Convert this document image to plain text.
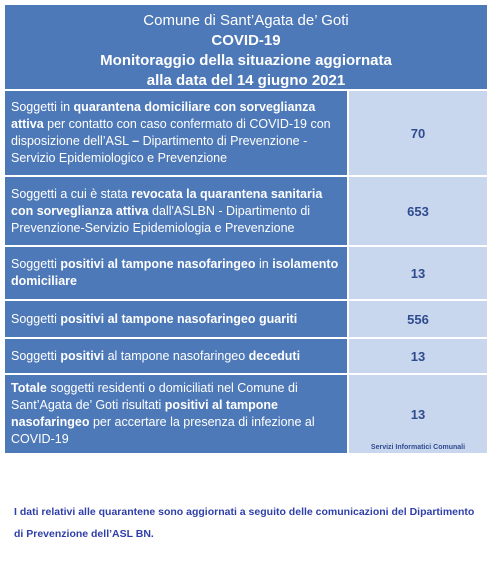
Comune di Sant’Agata de’ Goti
COVID-19
Monitoraggio della situazione aggiornata
alla data del 14 giugno 2021
Soggetti in quarantena domiciliare con sorveglianza attiva per contatto con caso confermato di COVID-19 con disposizione dell’ASL – Dipartimento di Prevenzione - Servizio Epidemiologico e Prevenzione
70
Soggetti a cui è stata revocata la quarantena sanitaria con sorveglianza attiva dall'ASLBN - Dipartimento di Prevenzione-Servizio Epidemiologia e Prevenzione
653
Soggetti positivi al tampone nasofaringeo in isolamento domiciliare
13
Soggetti positivi al tampone nasofaringeo guariti	556
Soggetti positivi al tampone nasofaringeo deceduti	13
Totale soggetti residenti o domiciliati nel Comune di Sant’Agata de’ Goti risultati positivi al tampone nasofaringeo per accertare la presenza di infezione al COVID-19
13
Servizi Informatici Comunali
I dati relativi alle quarantene sono aggiornati a seguito delle comunicazioni del Dipartimento di Prevenzione dell’ASL BN.
